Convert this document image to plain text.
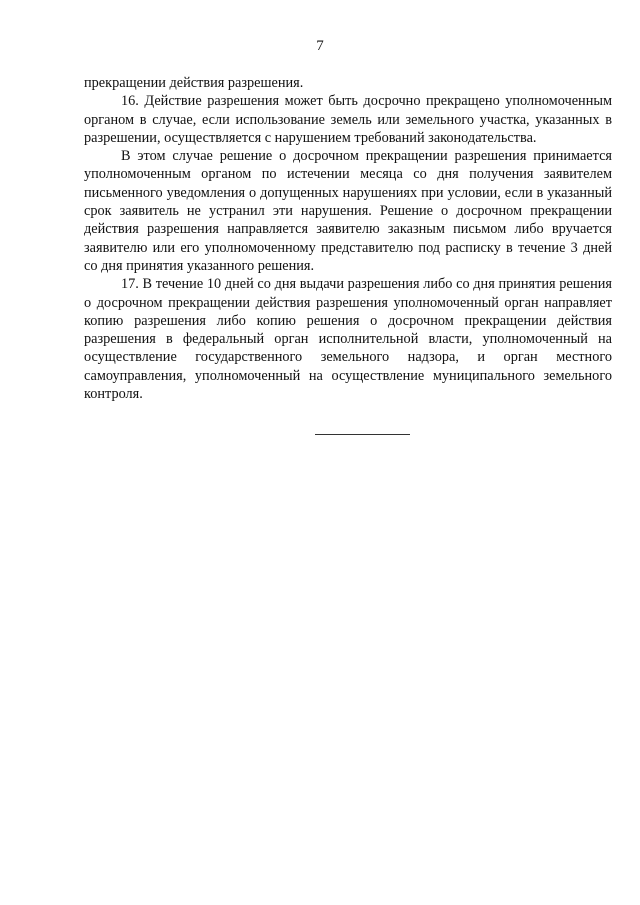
7

прекращении действия разрешения.

16. Действие разрешения может быть досрочно прекращено уполномоченным органом в случае, если использование земель или земельного участка, указанных в разрешении, осуществляется с нарушением требований законодательства.

В этом случае решение о досрочном прекращении разрешения принимается уполномоченным органом по истечении месяца со дня получения заявителем письменного уведомления о допущенных нарушениях при условии, если в указанный срок заявитель не устранил эти нарушения. Решение о досрочном прекращении действия разрешения направляется заявителю заказным письмом либо вручается заявителю или его уполномоченному представителю под расписку в течение 3 дней со дня принятия указанного решения.

17. В течение 10 дней со дня выдачи разрешения либо со дня принятия решения о досрочном прекращении действия разрешения уполномоченный орган направляет копию разрешения либо копию решения о досрочном прекращении действия разрешения в федеральный орган исполнительной власти, уполномоченный на осуществление государственного земельного надзора, и орган местного самоуправления, уполномоченный на осуществление муниципального земельного контроля.
